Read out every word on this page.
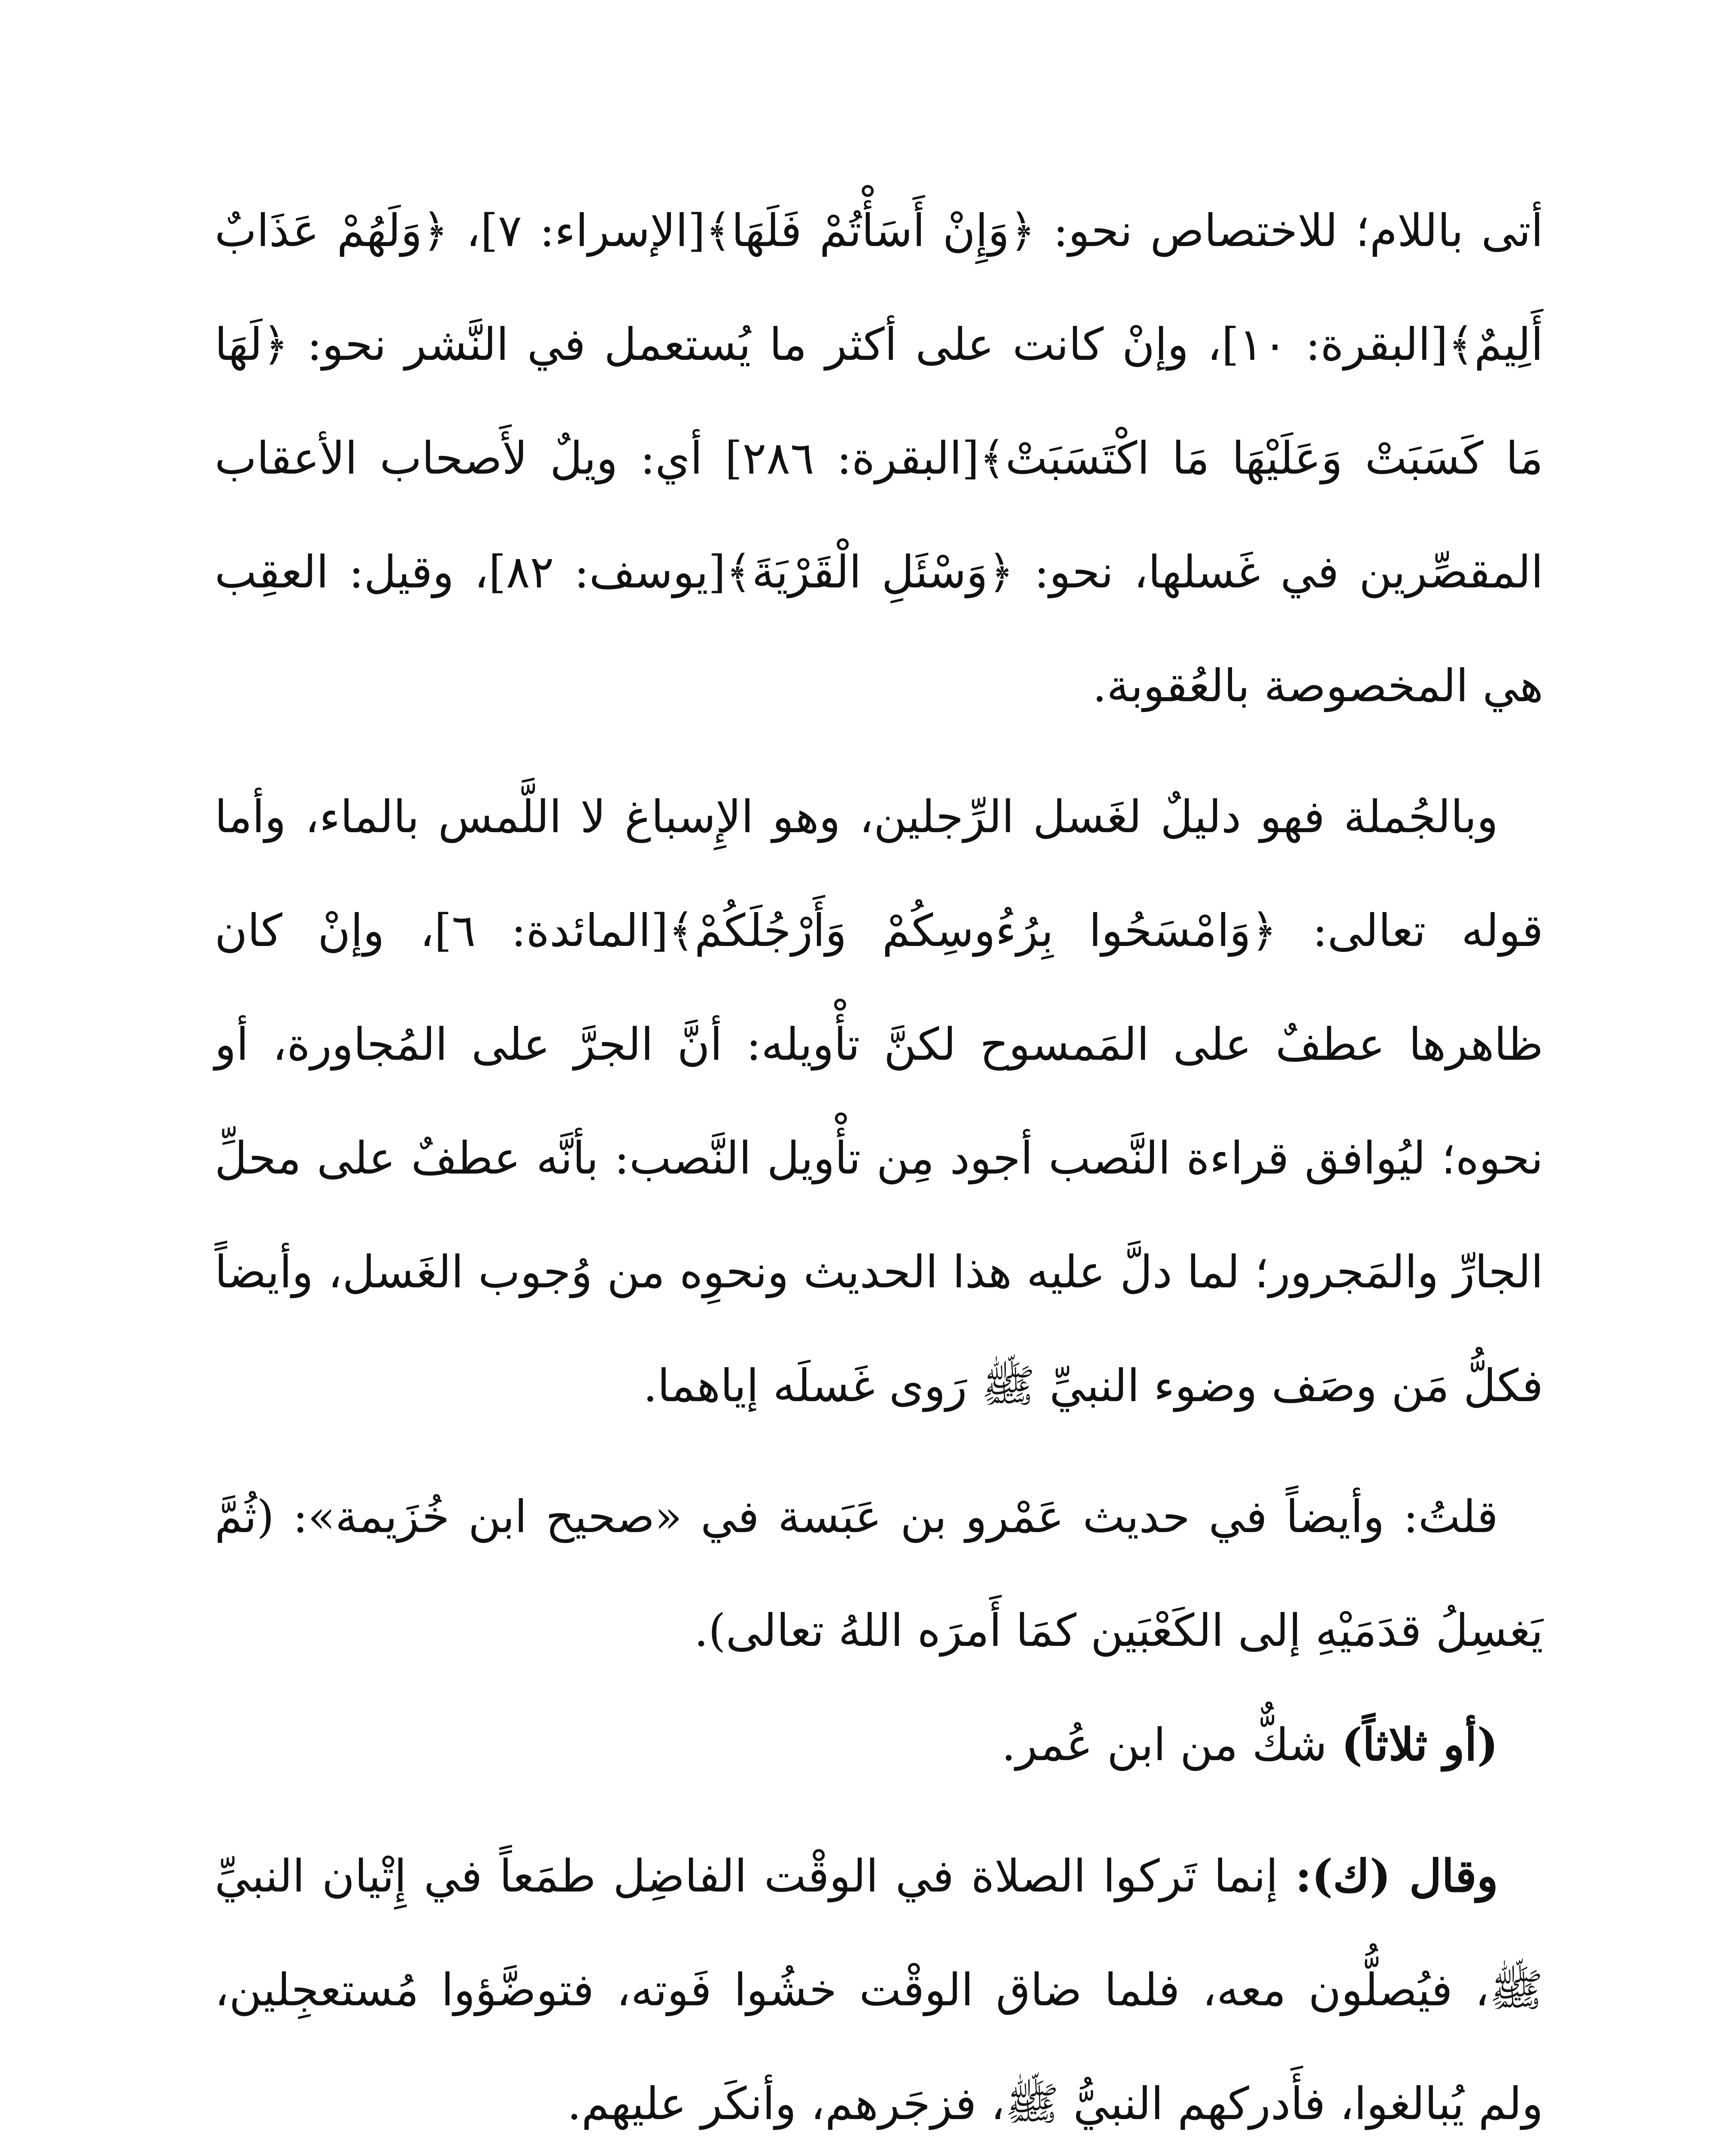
أتى باللام؛ للاختصاص نحو: ﴿وَإِنْ أَسَأْتُمْ فَلَهَا﴾[الإسراء: ٧]، ﴿وَلَهُمْ عَذَابٌ أَلِيمٌ﴾[البقرة: ١٠]، وإنْ كانت على أكثر ما يُستعمل في النَّشر نحو: ﴿لَهَا مَا كَسَبَتْ وَعَلَيْهَا مَا اكْتَسَبَتْ﴾[البقرة: ٢٨٦] أي: ويلٌ لأَصحاب الأعقاب المقصِّرين في غَسلها، نحو: ﴿وَسْئَلِ الْقَرْيَةَ﴾[يوسف: ٨٢]، وقيل: العقِب هي المخصوصة بالعُقوبة.

وبالجُملة فهو دليلٌ لغَسل الرِّجلين، وهو الإِسباغ لا اللَّمس بالماء، وأما قوله تعالى: ﴿وَامْسَحُوا بِرُءُوسِكُمْ وَأَرْجُلَكُمْ﴾[المائدة: ٦]، وإنْ كان ظاهرها عطفٌ على المَمسوح لكنَّ تأْويله: أنَّ الجرَّ على المُجاورة، أو نحوه؛ ليُوافق قراءة النَّصب أجود مِن تأْويل النَّصب: بأنَّه عطفٌ على محلِّ الجارِّ والمَجرور؛ لما دلَّ عليه هذا الحديث ونحوِه من وُجوب الغَسل، وأيضاً فكلُّ مَن وصَف وضوء النبيِّ ﷺ رَوى غَسلَه إياهما.

قلتُ: وأيضاً في حديث عَمْرو بن عَبَسة في «صحيح ابن خُزَيمة»: (ثُمَّ يَغسِلُ قدَمَيْهِ إلى الكَعْبَين كمَا أَمرَه اللهُ تعالى).

(أو ثلاثاً) شكٌّ من ابن عُمر.

وقال (ك): إنما تَركوا الصلاة في الوقْت الفاضِل طمَعاً في إِتْيان النبيِّ ﷺ، فيُصلُّون معه، فلما ضاق الوقْت خشُوا فَوته، فتوضَّؤوا مُستعجِلين، ولم يُبالغوا، فأَدركهم النبيُّ ﷺ، فزجَرهم، وأنكَر عليهم.
